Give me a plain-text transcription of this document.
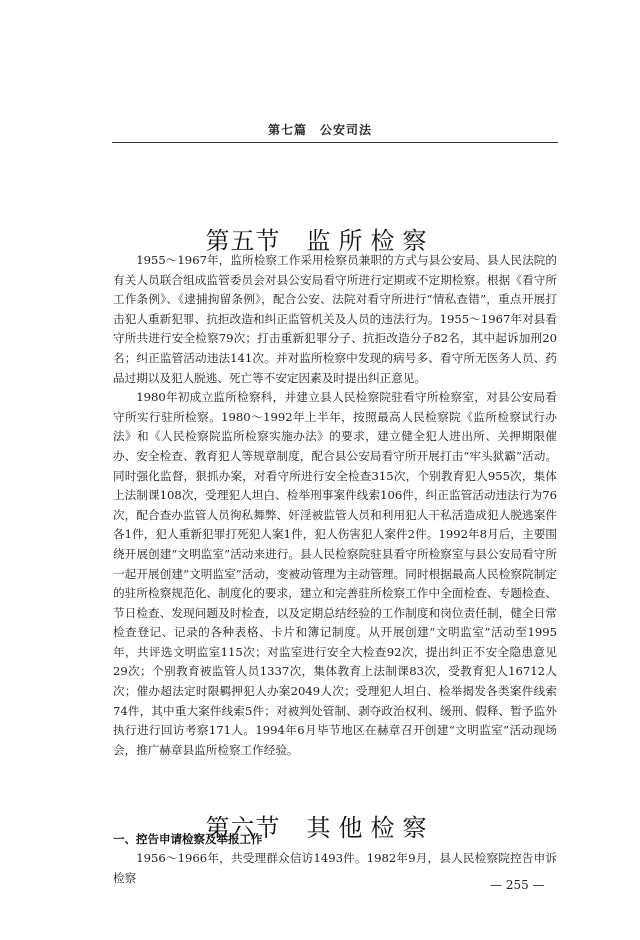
第七篇　公安司法
第五节 监所检察

1955～1967年，监所检察工作采用检察员兼职的方式与县公安局、县人民法院的有关人员联合组成监管委员会对县公安局看守所进行定期或不定期检察。根据《看守所工作条例》、《逮捕拘留条例》，配合公安、法院对看守所进行“情私查错”，重点开展打击犯人重新犯罪、抗拒改造和纠正监管机关及人员的违法行为。1955～1967年对县看守所共进行安全检察79次；打击重新犯罪分子、抗拒改造分子82名，其中起诉加刑20名；纠正监管活动违法141次。并对监所检察中发现的病号多、看守所无医务人员、药品过期以及犯人脱逃、死亡等不安定因素及时提出纠正意见。

1980年初成立监所检察科，并建立县人民检察院驻看守所检察室，对县公安局看守所实行驻所检察。1980～1992年上半年，按照最高人民检察院《监所检察试行办法》和《人民检察院监所检察实施办法》的要求，建立健全犯人进出所、关押期限催办、安全检查、教育犯人等规章制度，配合县公安局看守所开展打击“牢头狱霸”活动。同时强化监督，狠抓办案，对看守所进行安全检查315次，个别教育犯人955次，集体上法制课108次，受理犯人坦白、检举刑事案件线索106件，纠正监管活动违法行为76次，配合查办监管人员徇私舞弊、奸淫被监管人员和利用犯人干私活造成犯人脱逃案件各1件，犯人重新犯罪打死犯人案1件，犯人伤害犯人案件2件。1992年8月后，主要围绕开展创建“文明监室”活动来进行。县人民检察院驻县看守所检察室与县公安局看守所一起开展创建“文明监室”活动，变被动管理为主动管理。同时根据最高人民检察院制定的驻所检察规范化、制度化的要求，建立和完善驻所检察工作中全面检查、专题检查、节日检查、发现问题及时检查，以及定期总结经验的工作制度和岗位责任制，健全日常检查登记、记录的各种表格、卡片和簿记制度。从开展创建“文明监室”活动至1995年，共评选文明监室115次；对监室进行安全大检查92次，提出纠正不安全隐患意见29次；个别教育被监管人员1337次，集体教育上法制课83次，受教育犯人16712人次；催办超法定时限羁押犯人办案2049人次；受理犯人坦白、检举揭发各类案件线索74件，其中重大案件线索5件；对被判处管制、剥夺政治权利、缓刑、假释、暂予监外执行进行回访考察171人。1994年6月毕节地区在赫章召开创建“文明监室”活动现场会，推广赫章县监所检察工作经验。

第六节 其他检察
一、控告申请检察及举报工作

1956～1966年，共受理群众信访1493件。1982年9月，县人民检察院控告申诉检察

— 255 —
